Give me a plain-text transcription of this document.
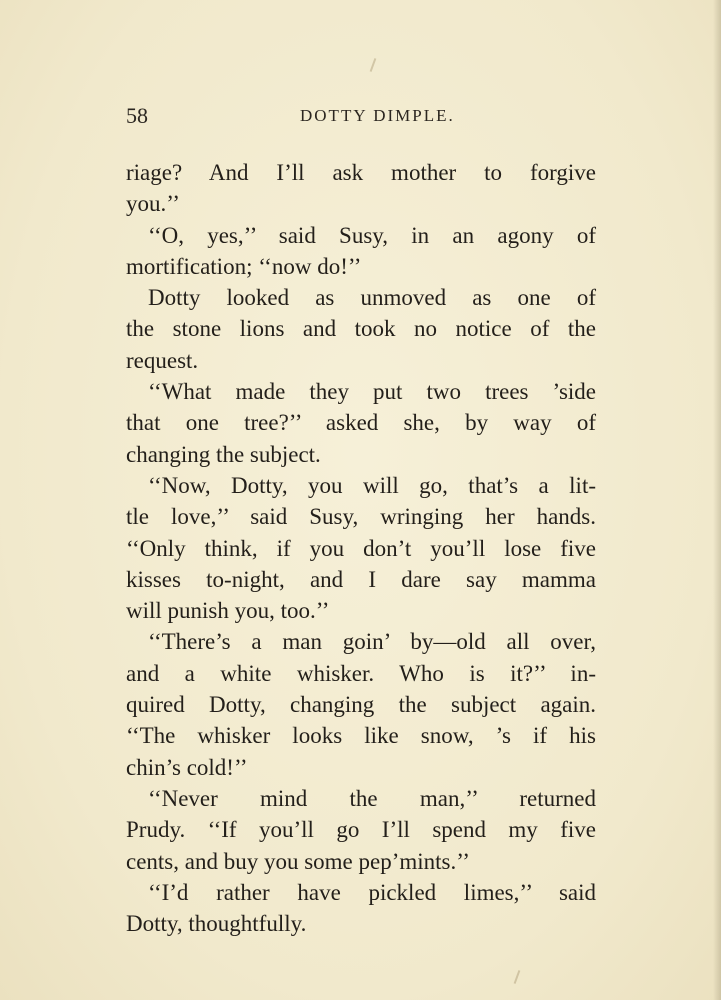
58	DOTTY DIMPLE.
riage? And I’ll ask mother to forgive
you.’’
‘‘O, yes,’’ said Susy, in an agony of
mortification; ‘‘now do!’’
Dotty looked as unmoved as one of
the stone lions and took no notice of the
request.
‘‘What made they put two trees ’side
that one tree?’’ asked she, by way of
changing the subject.
‘‘Now, Dotty, you will go, that’s a lit-
tle love,’’ said Susy, wringing her hands.
‘‘Only think, if you don’t you’ll lose five
kisses to-night, and I dare say mamma
will punish you, too.’’
‘‘There’s a man goin’ by—old all over,
and a white whisker. Who is it?’’ in-
quired Dotty, changing the subject again.
‘‘The whisker looks like snow, ’s if his
chin’s cold!’’
‘‘Never mind the man,’’ returned
Prudy. ‘‘If you’ll go I’ll spend my five
cents, and buy you some pep’mints.’’
‘‘I’d rather have pickled limes,’’ said
Dotty, thoughtfully.
